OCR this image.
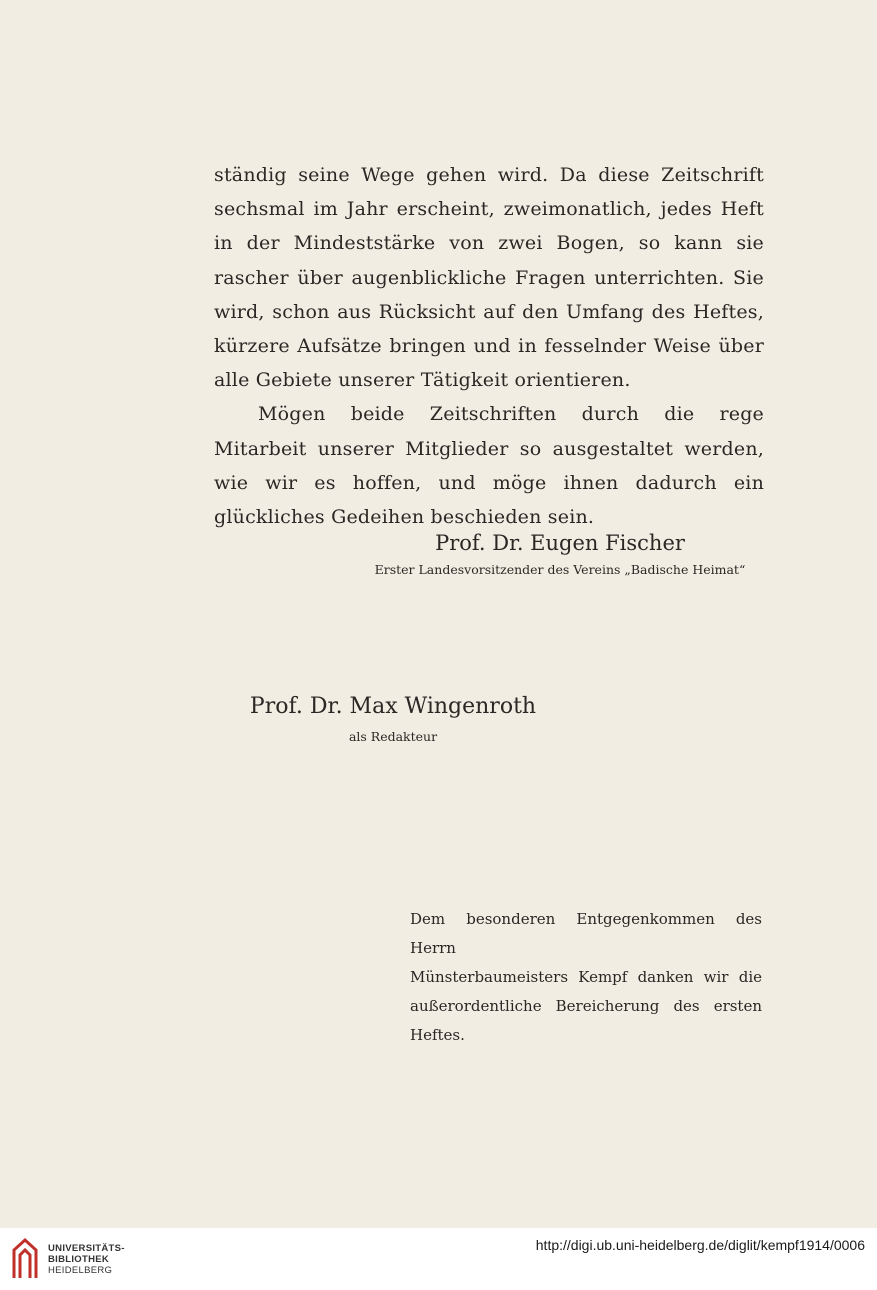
ständig seine Wege gehen wird. Da diese Zeitschrift sechsmal im Jahr erscheint, zweimonatlich, jedes Heft in der Mindeststärke von zwei Bogen, so kann sie rascher über augenblickliche Fragen unterrichten. Sie wird, schon aus Rücksicht auf den Umfang des Heftes, kürzere Aufsätze bringen und in fesselnder Weise über alle Gebiete unserer Tätigkeit orientieren.

Mögen beide Zeitschriften durch die rege Mitarbeit unserer Mitglieder so ausgestaltet werden, wie wir es hoffen, und möge ihnen dadurch ein glückliches Gedeihen beschieden sein.

Prof. Dr. Eugen Fischer
Erster Landesvorsitzender des Vereins „Badische Heimat“
Prof. Dr. Max Wingenroth
als Redakteur

Dem besonderen Entgegenkommen des Herrn

Münsterbaumeisters Kempf danken wir die

außerordentliche Bereicherung des ersten Heftes.

UNIVERSITÄTS-
BIBLIOTHEK
HEIDELBERG
http://digi.ub.uni-heidelberg.de/diglit/kempf1914/0006
